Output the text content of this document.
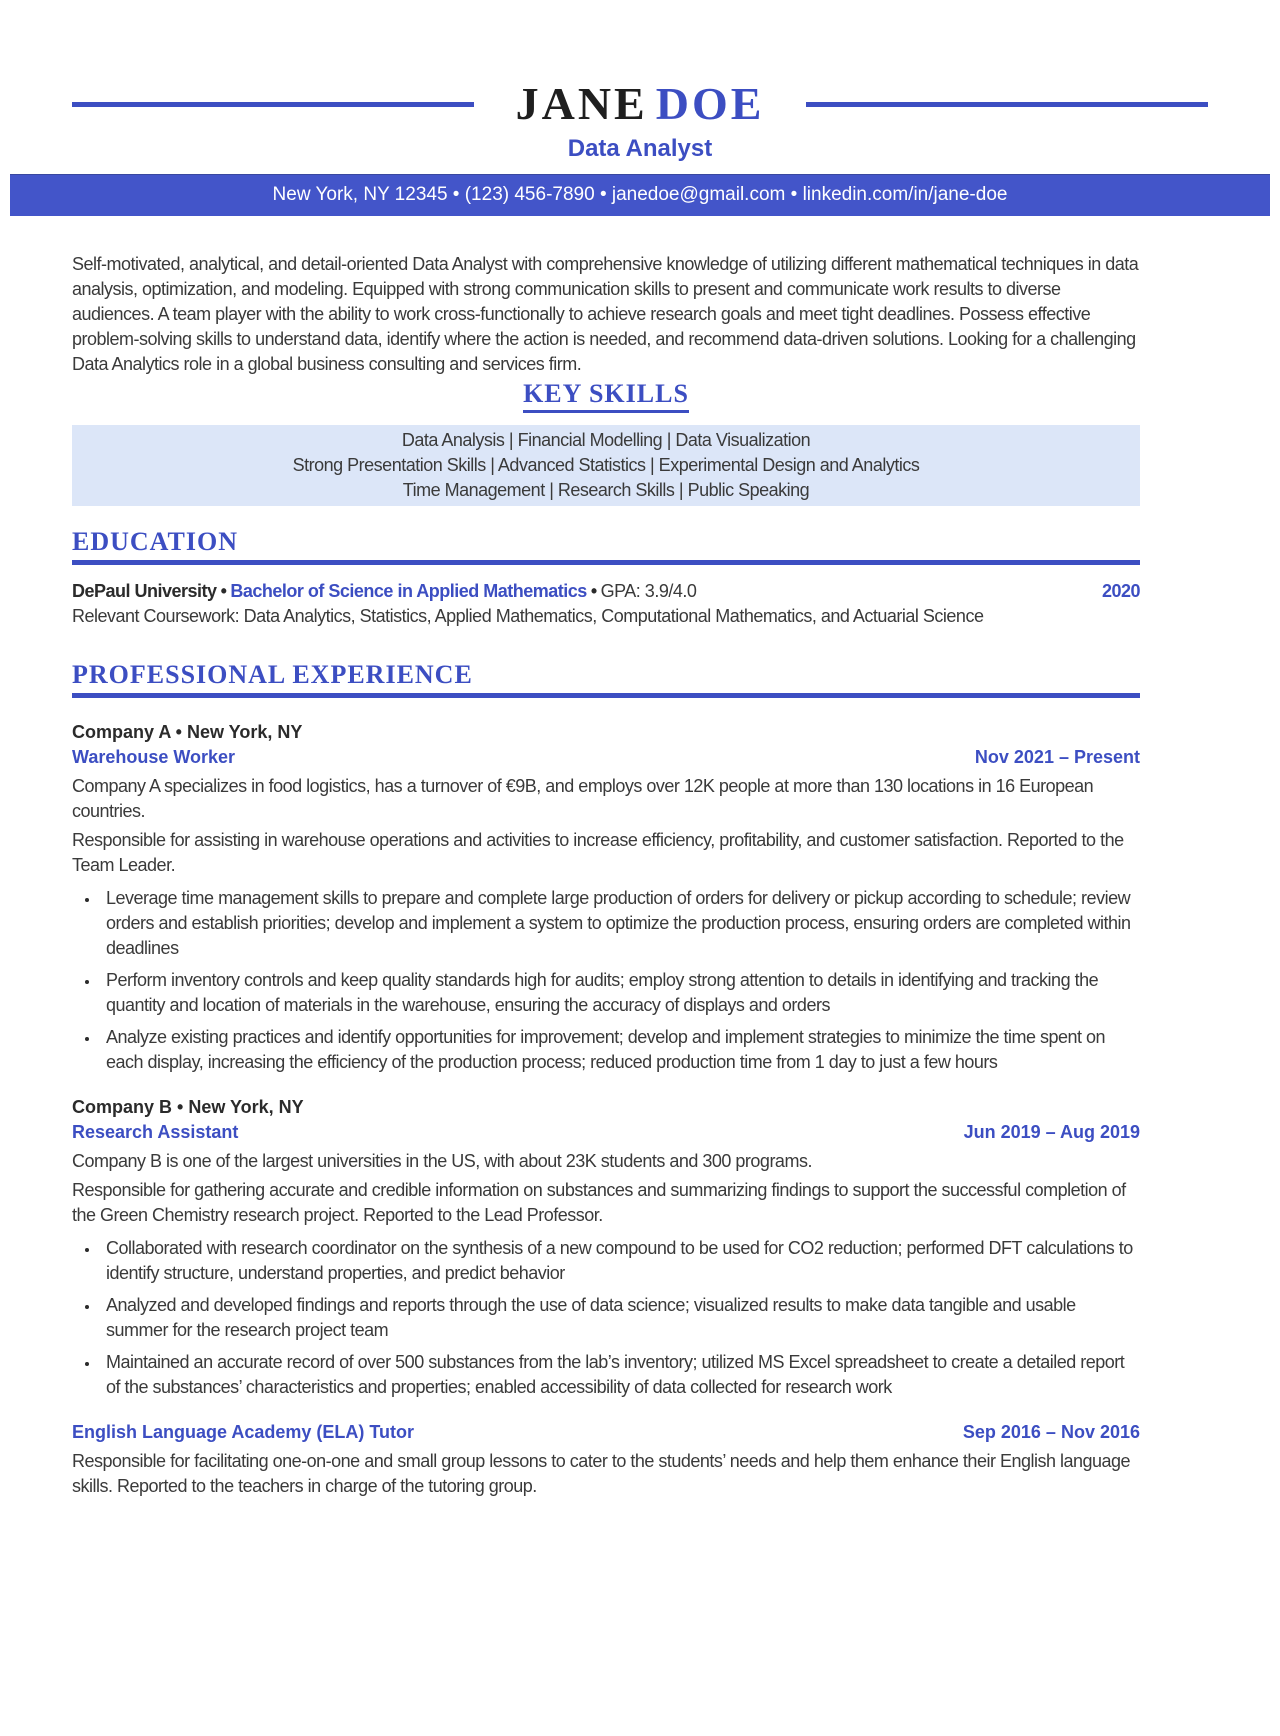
JANE DOE
Data Analyst
New York, NY 12345 • (123) 456-7890 • janedoe@gmail.com • linkedin.com/in/jane-doe

Self-motivated, analytical, and detail-oriented Data Analyst with comprehensive knowledge of utilizing different mathematical techniques in data analysis, optimization, and modeling. Equipped with strong communication skills to present and communicate work results to diverse audiences. A team player with the ability to work cross-functionally to achieve research goals and meet tight deadlines. Possess effective problem-solving skills to understand data, identify where the action is needed, and recommend data-driven solutions. Looking for a challenging Data Analytics role in a global business consulting and services firm.

KEY SKILLS
Data Analysis | Financial Modelling | Data Visualization
Strong Presentation Skills | Advanced Statistics | Experimental Design and Analytics
Time Management | Research Skills | Public Speaking
EDUCATION
DePaul University • Bachelor of Science in Applied Mathematics • GPA: 3.9/4.0	2020
Relevant Coursework: Data Analytics, Statistics, Applied Mathematics, Computational Mathematics, and Actuarial Science
PROFESSIONAL EXPERIENCE
Company A • New York, NY
Warehouse Worker	Nov 2021 – Present

Company A specializes in food logistics, has a turnover of €9B, and employs over 12K people at more than 130 locations in 16 European countries.

Responsible for assisting in warehouse operations and activities to increase efficiency, profitability, and customer satisfaction. Reported to the Team Leader.

• Leverage time management skills to prepare and complete large production of orders for delivery or pickup according to schedule; review orders and establish priorities; develop and implement a system to optimize the production process, ensuring orders are completed within deadlines
• Perform inventory controls and keep quality standards high for audits; employ strong attention to details in identifying and tracking the quantity and location of materials in the warehouse, ensuring the accuracy of displays and orders
• Analyze existing practices and identify opportunities for improvement; develop and implement strategies to minimize the time spent on each display, increasing the efficiency of the production process; reduced production time from 1 day to just a few hours
Company B • New York, NY
Research Assistant	Jun 2019 – Aug 2019

Company B is one of the largest universities in the US, with about 23K students and 300 programs.

Responsible for gathering accurate and credible information on substances and summarizing findings to support the successful completion of the Green Chemistry research project. Reported to the Lead Professor.

• Collaborated with research coordinator on the synthesis of a new compound to be used for CO2 reduction; performed DFT calculations to identify structure, understand properties, and predict behavior
• Analyzed and developed findings and reports through the use of data science; visualized results to make data tangible and usable summer for the research project team
• Maintained an accurate record of over 500 substances from the lab’s inventory; utilized MS Excel spreadsheet to create a detailed report of the substances’ characteristics and properties; enabled accessibility of data collected for research work
English Language Academy (ELA) Tutor	Sep 2016 – Nov 2016

Responsible for facilitating one-on-one and small group lessons to cater to the students’ needs and help them enhance their English language skills. Reported to the teachers in charge of the tutoring group.
